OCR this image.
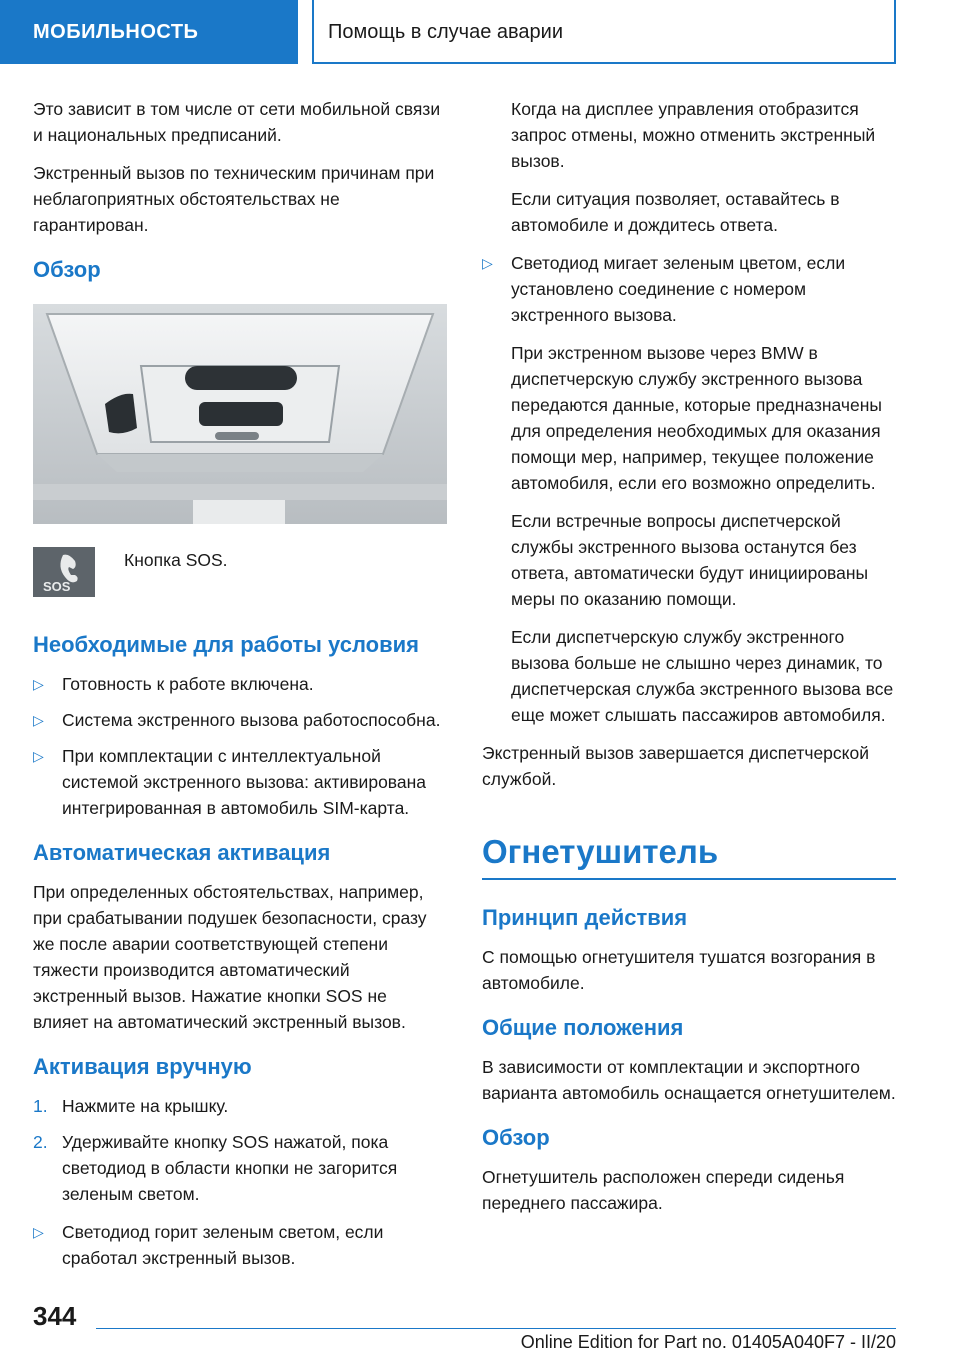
МОБИЛЬНОСТЬ	Помощь в случае аварии

Это зависит в том числе от сети мобильной связи и национальных предписаний.

Экстренный вызов по техническим причинам при неблагоприятных обстоятельствах не гарантирован.

Обзор
SOS
Кнопка SOS.
Необходимые для работы условия
▷ Готовность к работе включена.
▷ Система экстренного вызова работоспособна.
▷ При комплектации с интеллектуальной системой экстренного вызова: активирована интегрированная в автомобиль SIM-карта.
Автоматическая активация

При определенных обстоятельствах, например, при срабатывании подушек безопасности, сразу же после аварии соответствующей степени тяжести производится автоматический экстренный вызов. Нажатие кнопки SOS не влияет на автоматический экстренный вызов.

Активация вручную
1. Нажмите на крышку.
2. Удерживайте кнопку SOS нажатой, пока светодиод в области кнопки не загорится зеленым светом.
▷ Светодиод горит зеленым светом, если сработал экстренный вызов.

Когда на дисплее управления отобразится запрос отмены, можно отменить экстренный вызов.

Если ситуация позволяет, оставайтесь в автомобиле и дождитесь ответа.

▷ Светодиод мигает зеленым цветом, если установлено соединение с номером экстренного вызова.

При экстренном вызове через BMW в диспетчерскую службу экстренного вызова передаются данные, которые предназначены для определения необходимых для оказания помощи мер, например, текущее положение автомобиля, если его возможно определить.

Если встречные вопросы диспетчерской службы экстренного вызова останутся без ответа, автоматически будут инициированы меры по оказанию помощи.

Если диспетчерскую службу экстренного вызова больше не слышно через динамик, то диспетчерская служба экстренного вызова все еще может слышать пассажиров автомобиля.

Экстренный вызов завершается диспетчерской службой.

Огнетушитель
Принцип действия

С помощью огнетушителя тушатся возгорания в автомобиле.

Общие положения

В зависимости от комплектации и экспортного варианта автомобиль оснащается огнетушителем.

Обзор

Огнетушитель расположен спереди сиденья переднего пассажира.

344
Online Edition for Part no. 01405A040F7 - II/20
